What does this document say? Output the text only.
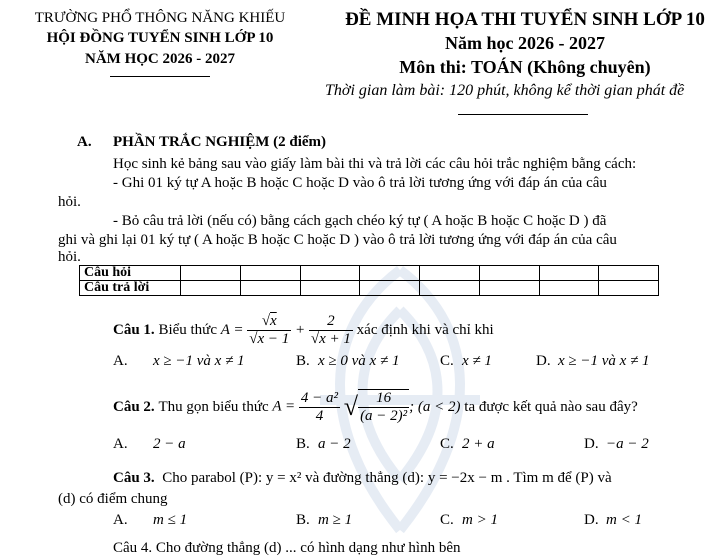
TRƯỜNG PHỔ THÔNG NĂNG KHIẾU
HỘI ĐỒNG TUYỂN SINH LỚP 10
NĂM HỌC 2026 - 2027
ĐỀ MINH HỌA THI TUYỂN SINH LỚP 10
Năm học 2026 - 2027
Môn thi: TOÁN (Không chuyên)
Thời gian làm bài: 120 phút, không kể thời gian phát đề
A. PHẦN TRẮC NGHIỆM (2 điểm)
Học sinh kẻ bảng sau vào giấy làm bài thi và trả lời các câu hỏi trắc nghiệm bằng cách:
- Ghi 01 ký tự A hoặc B hoặc C hoặc D vào ô trả lời tương ứng với đáp án của câu
hỏi.
- Bỏ câu trả lời (nếu có) bằng cách gạch chéo ký tự ( A hoặc B hoặc C hoặc D ) đã
ghi và ghi lại 01 ký tự ( A hoặc B hoặc C hoặc D ) vào ô trả lời tương ứng với đáp án của câu
hỏi.
Câu hỏi								
Câu trả lời								
Câu 1.
Biểu thức
$A = \frac{√x}{√x - 1} + \frac{2}{√x + 1}$
xác định khi và chỉ khi
A. x ≥ −1 và x ≠ 1	B. x ≥ 0 và x ≠ 1	C. x ≠ 1	D. x ≥ −1 và x ≠ 1
Câu 2.
Thu gọn biểu thức
$A = \frac{\text{4 − a²}}{4}$ √ $\frac{16}{\text{(a − 2)²}}$ ; (a < 2)
ta được kết quả nào sau đây?
A. 2 − a	B. a − 2	C. 2 + a	D. −a − 2
Câu 3. Cho parabol (P): y = x² và đường thẳng (d): y = −2x − m . Tìm m để (P) và
(d) có điểm chung
A. m ≤ 1	B. m ≥ 1	C. m > 1	D. m < 1
Câu 4. Cho đường thẳng (d) ... có hình dạng như hình bên
